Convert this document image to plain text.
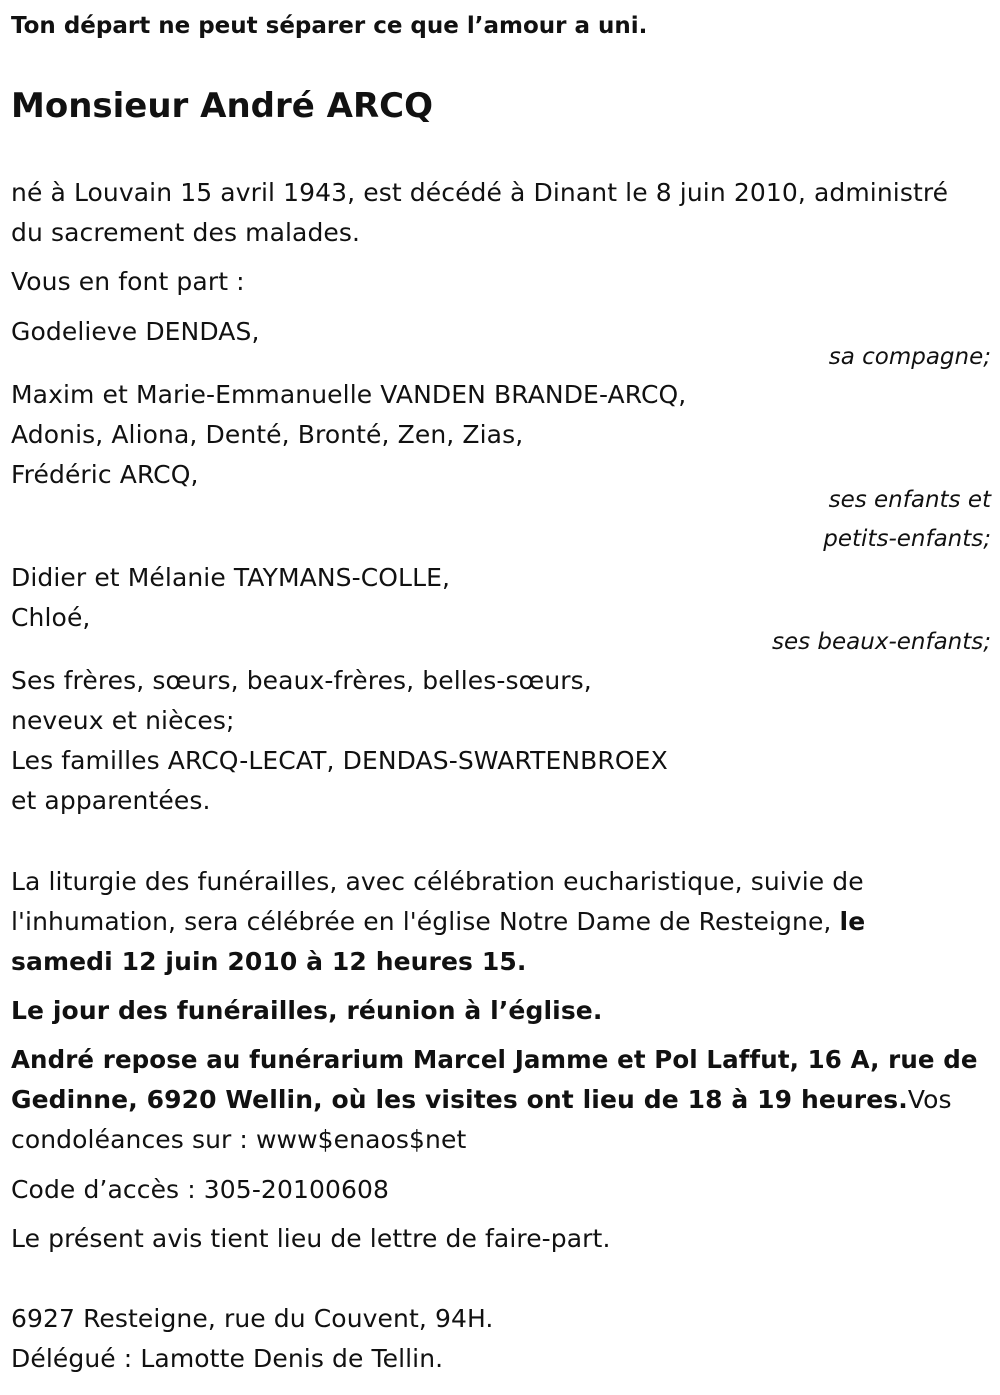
Ton départ ne peut séparer ce que l’amour a uni.
Monsieur André ARCQ
né à Louvain 15 avril 1943, est décédé à Dinant le 8 juin 2010, administré
du sacrement des malades.
Vous en font part :
Godelieve DENDAS,
sa compagne;
Maxim et Marie-Emmanuelle VANDEN BRANDE-ARCQ,
Adonis, Aliona, Denté, Bronté, Zen, Zias,
Frédéric ARCQ,
ses enfants et
petits-enfants;
Didier et Mélanie TAYMANS-COLLE,
Chloé,
ses beaux-enfants;
Ses frères, sœurs, beaux-frères, belles-sœurs,
neveux et nièces;
Les familles ARCQ-LECAT, DENDAS-SWARTENBROEX
et apparentées.
La liturgie des funérailles, avec célébration eucharistique, suivie de
l'inhumation, sera célébrée en l'église Notre Dame de Resteigne, le
samedi 12 juin 2010 à 12 heures 15.
Le jour des funérailles, réunion à l’église.
André repose au funérarium Marcel Jamme et Pol Laffut, 16 A, rue de
Gedinne, 6920 Wellin, où les visites ont lieu de 18 à 19 heures.Vos
condoléances sur : www$enaos$net
Code d’accès : 305-20100608
Le présent avis tient lieu de lettre de faire-part.
6927 Resteigne, rue du Couvent, 94H.
Délégué : Lamotte Denis de Tellin.
